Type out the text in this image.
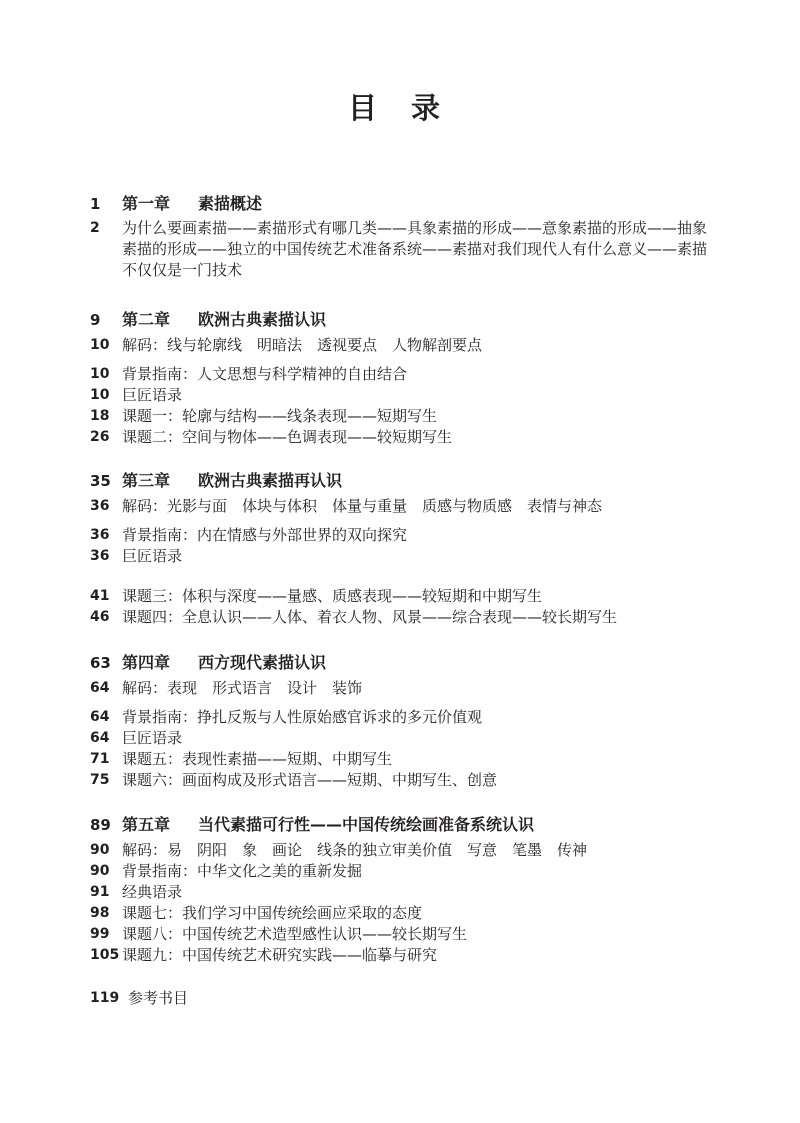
目 录
1 第一章 素描概述
2 为什么要画素描——素描形式有哪几类——具象素描的形成——意象素描的形成——抽象素描的形成——独立的中国传统艺术准备系统——素描对我们现代人有什么意义——素描不仅仅是一门技术
9 第二章 欧洲古典素描认识
10 解码：线与轮廓线　明暗法　透视要点　人物解剖要点
10 背景指南：人文思想与科学精神的自由结合
10 巨匠语录
18 课题一：轮廓与结构——线条表现——短期写生
26 课题二：空间与物体——色调表现——较短期写生
35 第三章 欧洲古典素描再认识
36 解码：光影与面　体块与体积　体量与重量　质感与物质感　表情与神态
36 背景指南：内在情感与外部世界的双向探究
36 巨匠语录
41 课题三：体积与深度——量感、质感表现——较短期和中期写生
46 课题四：全息认识——人体、着衣人物、风景——综合表现——较长期写生
63 第四章 西方现代素描认识
64 解码：表现　形式语言　设计　装饰
64 背景指南：挣扎反叛与人性原始感官诉求的多元价值观
64 巨匠语录
71 课题五：表现性素描——短期、中期写生
75 课题六：画面构成及形式语言——短期、中期写生、创意
89 第五章 当代素描可行性——中国传统绘画准备系统认识
90 解码：易　阴阳　象　画论　线条的独立审美价值　写意　笔墨　传神
90 背景指南：中华文化之美的重新发掘
91 经典语录
98 课题七：我们学习中国传统绘画应采取的态度
99 课题八：中国传统艺术造型感性认识——较长期写生
105 课题九：中国传统艺术研究实践——临摹与研究
119 参考书目
